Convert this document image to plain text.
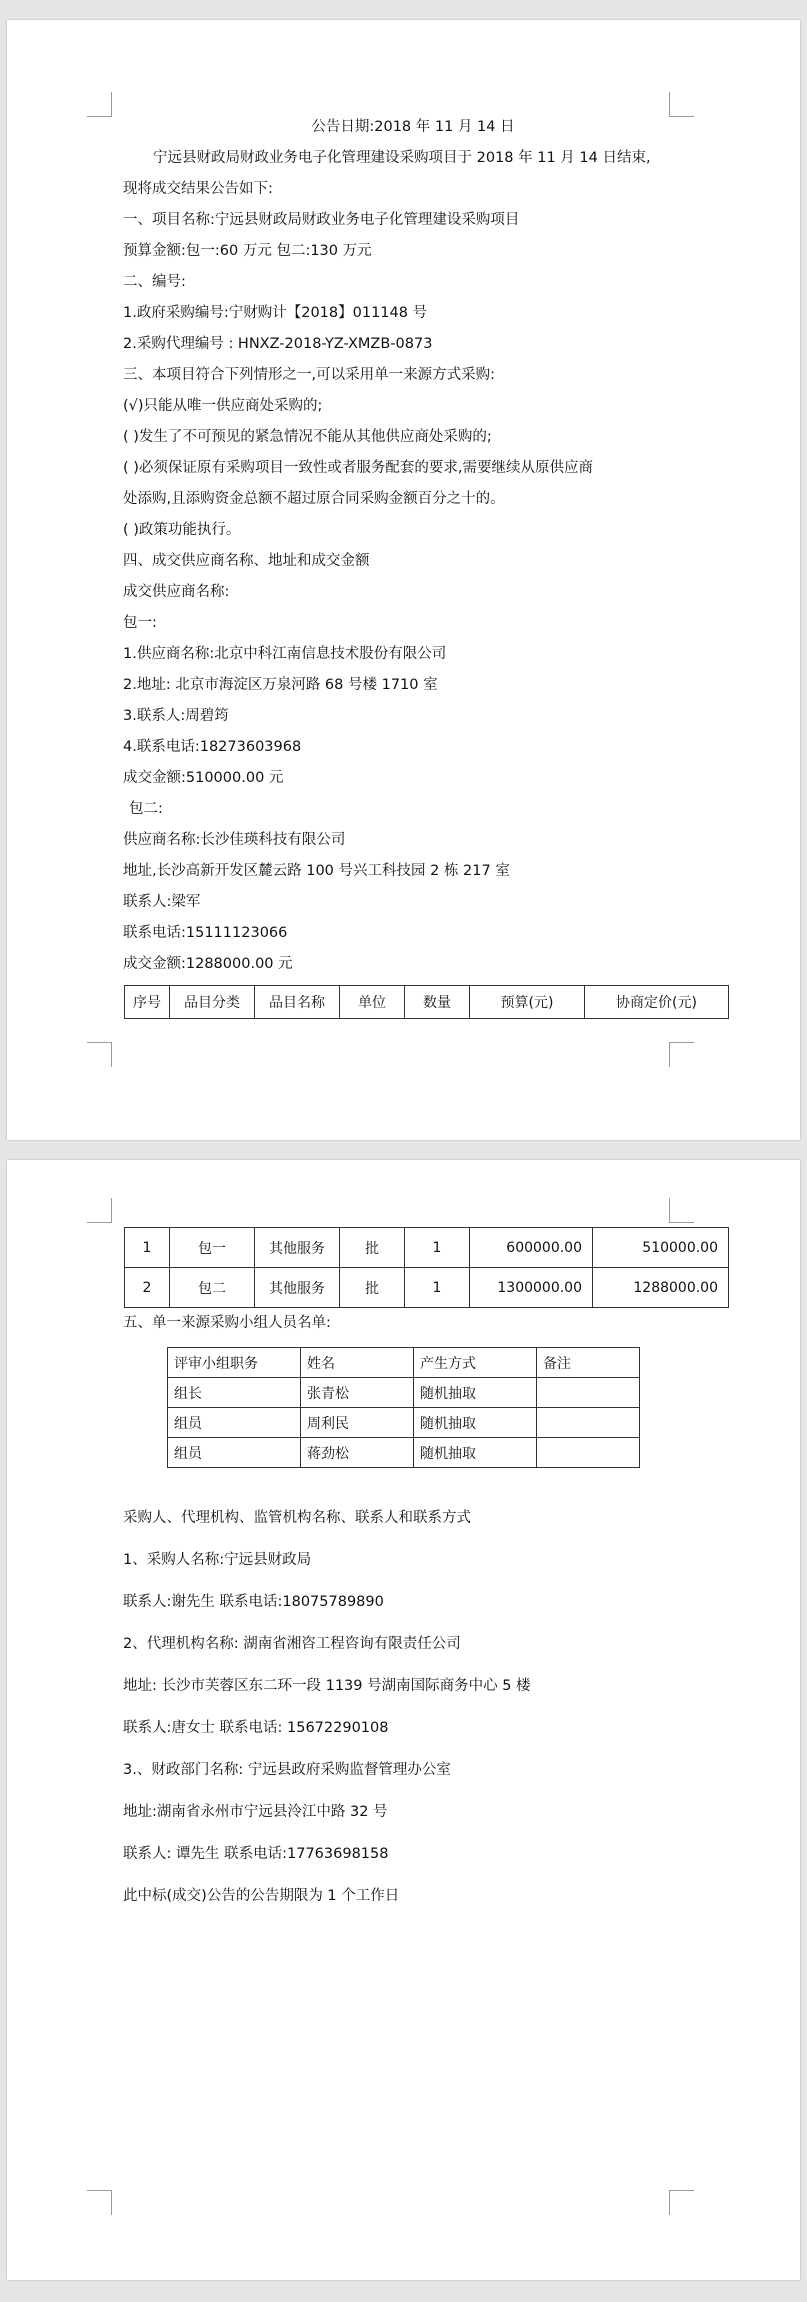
公告日期:2018 年 11 月 14 日
宁远县财政局财政业务电子化管理建设采购项目于 2018 年 11 月 14 日结束,
现将成交结果公告如下:
一、项目名称:宁远县财政局财政业务电子化管理建设采购项目
预算金额:包一:60 万元 包二:130 万元
二、编号:
1.政府采购编号:宁财购计【2018】011148 号
2.采购代理编号 : HNXZ-2018-YZ-XMZB-0873
三、本项目符合下列情形之一,可以采用单一来源方式采购:
(√)只能从唯一供应商处采购的;
( )发生了不可预见的紧急情况不能从其他供应商处采购的;
( )必须保证原有采购项目一致性或者服务配套的要求,需要继续从原供应商
处添购,且添购资金总额不超过原合同采购金额百分之十的。
( )政策功能执行。
四、成交供应商名称、地址和成交金额
成交供应商名称:
包一:
1.供应商名称:北京中科江南信息技术股份有限公司
2.地址: 北京市海淀区万泉河路 68 号楼 1710 室
3.联系人:周碧筠
4.联系电话:18273603968
成交金额:510000.00 元
包二:
供应商名称:长沙佳瑛科技有限公司
地址,长沙高新开发区麓云路 100 号兴工科技园 2 栋 217 室
联系人:梁军
联系电话:15111123066
成交金额:1288000.00 元
序号	品目分类	品目名称	单位	数量	预算(元)	协商定价(元)
1	包一	其他服务	批	1	600000.00	510000.00
2	包二	其他服务	批	1	1300000.00	1288000.00
五、单一来源采购小组人员名单:
评审小组职务	姓名	产生方式	备注
组长	张青松	随机抽取	
组员	周利民	随机抽取	
组员	蒋劲松	随机抽取	
采购人、代理机构、监管机构名称、联系人和联系方式
1、采购人名称:宁远县财政局
联系人:谢先生 联系电话:18075789890
2、代理机构名称: 湖南省湘咨工程咨询有限责任公司
地址: 长沙市芙蓉区东二环一段 1139 号湖南国际商务中心 5 楼
联系人:唐女士 联系电话: 15672290108
3.、财政部门名称: 宁远县政府采购监督管理办公室
地址:湖南省永州市宁远县泠江中路 32 号
联系人: 谭先生 联系电话:17763698158
此中标(成交)公告的公告期限为 1 个工作日
